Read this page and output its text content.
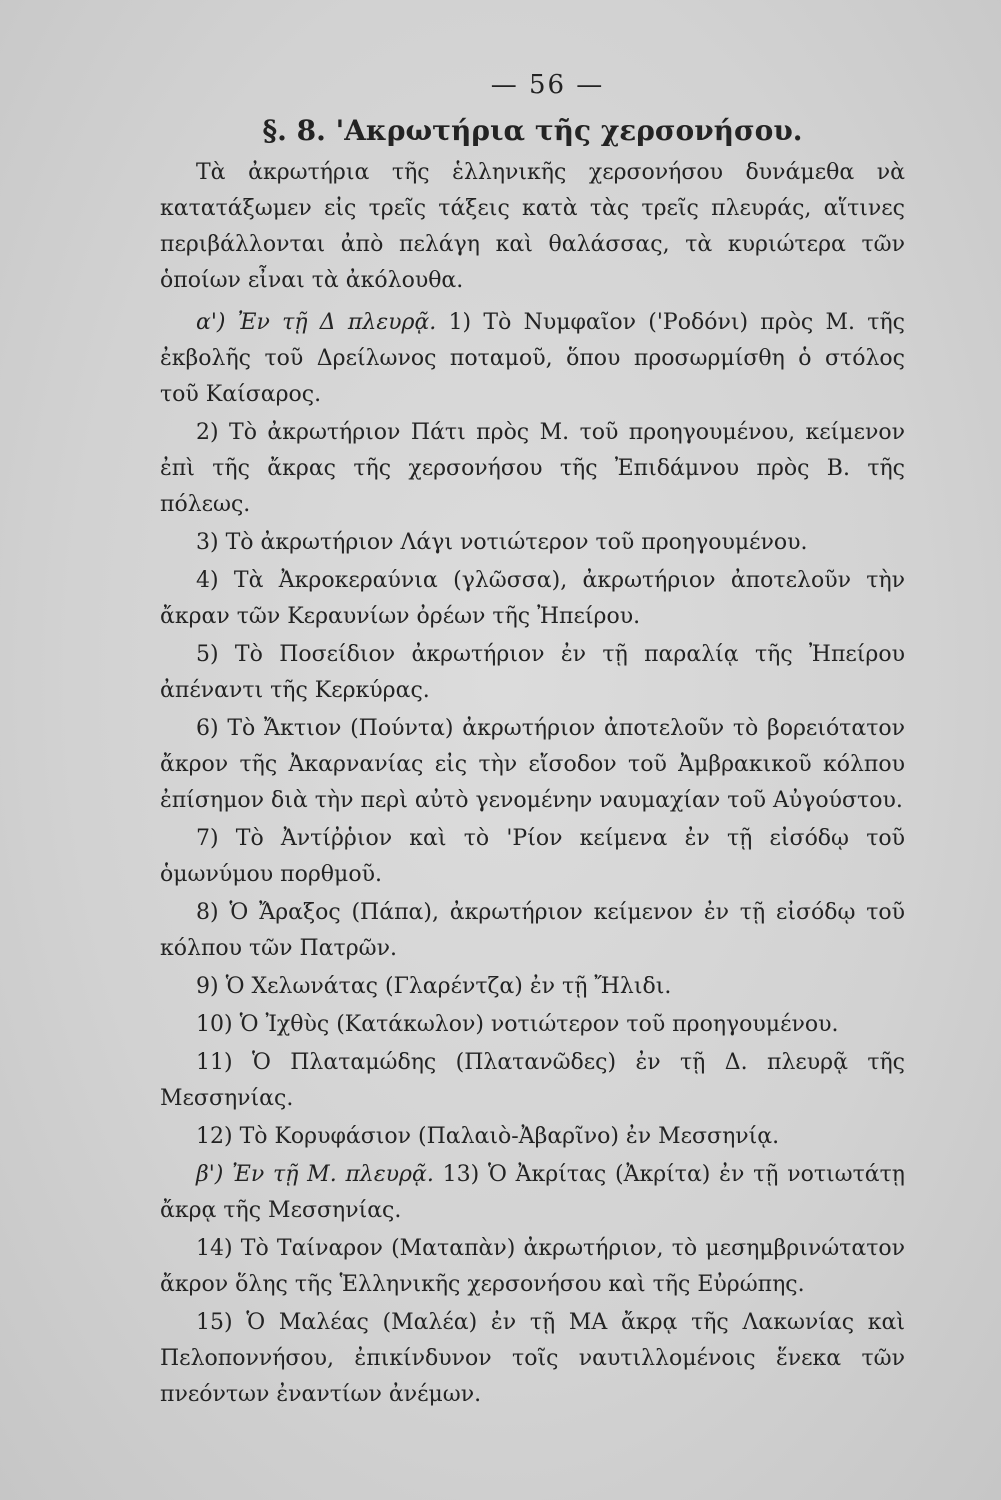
— 56 —
§. 8. 'Ακρωτήρια τῆς χερσονήσου.

Τὰ ἀκρωτήρια τῆς ἑλληνικῆς χερσονήσου δυνάμεθα νὰ κατατάξωμεν εἰς τρεῖς τάξεις κατὰ τὰς τρεῖς πλευράς, αἵτινες περιβάλλονται ἀπὸ πελάγη καὶ θαλάσσας, τὰ κυριώτερα τῶν ὁποίων εἶναι τὰ ἀκόλουθα.

α') Ἐν τῇ Δ πλευρᾷ. 1) Τὸ Νυμφαῖον ('Ροδόνι) πρὸς Μ. τῆς ἐκβολῆς τοῦ Δρείλωνος ποταμοῦ, ὅπου προσωρμίσθη ὁ στόλος τοῦ Καίσαρος.

2) Τὸ ἀκρωτήριον Πάτι πρὸς Μ. τοῦ προηγουμένου, κείμενον ἐπὶ τῆς ἄκρας τῆς χερσονήσου τῆς Ἐπιδάμνου πρὸς Β. τῆς πόλεως.

3) Τὸ ἀκρωτήριον Λάγι νοτιώτερον τοῦ προηγουμένου.

4) Τὰ Ἀκροκεραύνια (γλῶσσα), ἀκρωτήριον ἀποτελοῦν τὴν ἄκραν τῶν Κεραυνίων ὀρέων τῆς Ἠπείρου.

5) Τὸ Ποσείδιον ἀκρωτήριον ἐν τῇ παραλίᾳ τῆς Ἠπείρου ἀπέναντι τῆς Κερκύρας.

6) Τὸ Ἄκτιον (Πούντα) ἀκρωτήριον ἀποτελοῦν τὸ βορειότατον ἄκρον τῆς Ἀκαρνανίας εἰς τὴν εἴσοδον τοῦ Ἀμβρακικοῦ κόλπου ἐπίσημον διὰ τὴν περὶ αὐτὸ γενομένην ναυμαχίαν τοῦ Αὐγούστου.

7) Τὸ Ἀντίῤῥιον καὶ τὸ 'Ρίον κείμενα ἐν τῇ εἰσόδῳ τοῦ ὁμωνύμου πορθμοῦ.

8) Ὁ Ἄραξος (Πάπα), ἀκρωτήριον κείμενον ἐν τῇ εἰσόδῳ τοῦ κόλπου τῶν Πατρῶν.

9) Ὁ Χελωνάτας (Γλαρέντζα) ἐν τῇ Ἤλιδι.

10) Ὁ Ἰχθὺς (Κατάκωλον) νοτιώτερον τοῦ προηγουμένου.

11) Ὁ Πλαταμώδης (Πλατανῶδες) ἐν τῇ Δ. πλευρᾷ τῆς Μεσσηνίας.

12) Τὸ Κορυφάσιον (Παλαιὸ-Ἀβαρῖνο) ἐν Μεσσηνίᾳ.

β') Ἐν τῇ Μ. πλευρᾷ. 13) Ὁ Ἀκρίτας (Ἀκρίτα) ἐν τῇ νοτιωτάτῃ ἄκρᾳ τῆς Μεσσηνίας.

14) Τὸ Ταίναρον (Ματαπὰν) ἀκρωτήριον, τὸ μεσημβρινώτατον ἄκρον ὅλης τῆς Ἑλληνικῆς χερσονήσου καὶ τῆς Εὐρώπης.

15) Ὁ Μαλέας (Μαλέα) ἐν τῇ ΜΑ ἄκρᾳ τῆς Λακωνίας καὶ Πελοποννήσου, ἐπικίνδυνον τοῖς ναυτιλλομένοις ἕνεκα τῶν πνεόντων ἐναντίων ἀνέμων.
